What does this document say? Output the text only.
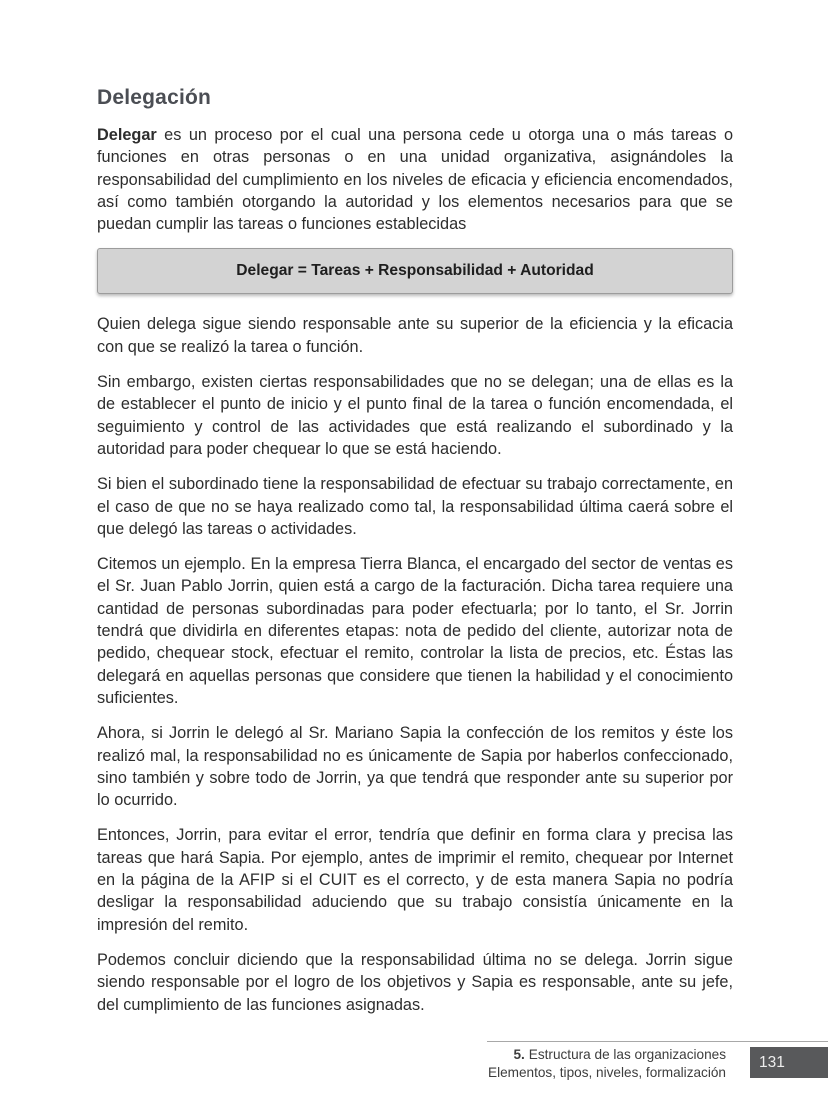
Delegación

Delegar es un proceso por el cual una persona cede u otorga una o más tareas o funciones en otras personas o en una unidad organizativa, asignándoles la responsabilidad del cumplimiento en los niveles de eficacia y eficiencia encomendados, así como también otorgando la autoridad y los elementos necesarios para que se puedan cumplir las tareas o funciones establecidas

Delegar = Tareas + Responsabilidad + Autoridad

Quien delega sigue siendo responsable ante su superior de la eficiencia y la eficacia con que se realizó la tarea o función.

Sin embargo, existen ciertas responsabilidades que no se delegan; una de ellas es la de establecer el punto de inicio y el punto final de la tarea o función encomendada, el seguimiento y control de las actividades que está realizando el subordinado y la autoridad para poder chequear lo que se está haciendo.

Si bien el subordinado tiene la responsabilidad de efectuar su trabajo correctamente, en el caso de que no se haya realizado como tal, la responsabilidad última caerá sobre el que delegó las tareas o actividades.

Citemos un ejemplo. En la empresa Tierra Blanca, el encargado del sector de ventas es el Sr. Juan Pablo Jorrin, quien está a cargo de la facturación. Dicha tarea requiere una cantidad de personas subordinadas para poder efectuarla; por lo tanto, el Sr. Jorrin tendrá que dividirla en diferentes etapas: nota de pedido del cliente, autorizar nota de pedido, chequear stock, efectuar el remito, controlar la lista de precios, etc. Éstas las delegará en aquellas personas que considere que tienen la habilidad y el conocimiento suficientes.

Ahora, si Jorrin le delegó al Sr. Mariano Sapia la confección de los remitos y éste los realizó mal, la responsabilidad no es únicamente de Sapia por haberlos confeccionado, sino también y sobre todo de Jorrin, ya que tendrá que responder ante su superior por lo ocurrido.

Entonces, Jorrin, para evitar el error, tendría que definir en forma clara y precisa las tareas que hará Sapia. Por ejemplo, antes de imprimir el remito, chequear por Internet en la página de la AFIP si el CUIT es el correcto, y de esta manera Sapia no podría desligar la responsabilidad aduciendo que su trabajo consistía únicamente en la impresión del remito.

Podemos concluir diciendo que la responsabilidad última no se delega. Jorrin sigue siendo responsable por el logro de los objetivos y Sapia es responsable, ante su jefe, del cumplimiento de las funciones asignadas.

5. Estructura de las organizaciones
Elementos, tipos, niveles, formalización
131
